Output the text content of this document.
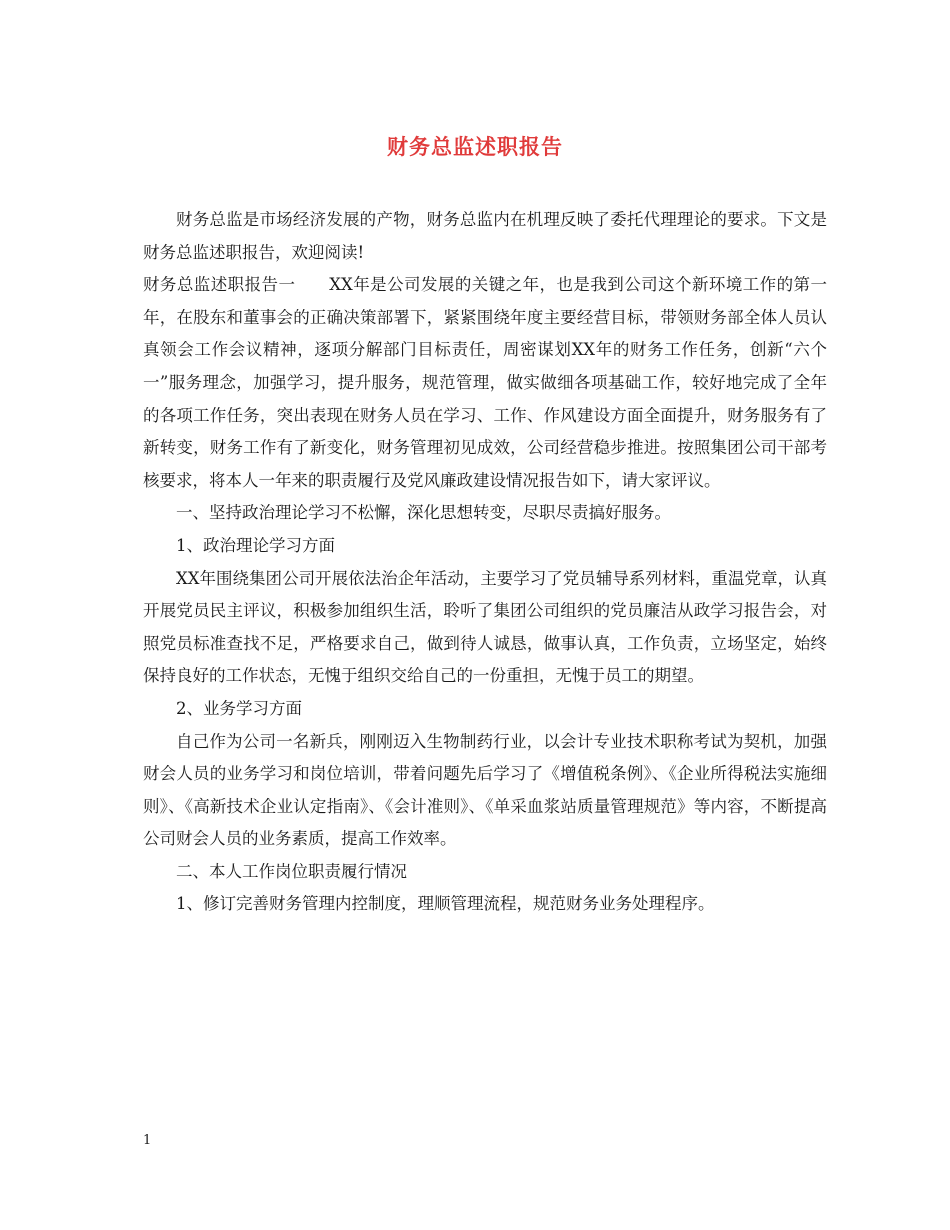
财务总监述职报告

财务总监是市场经济发展的产物，财务总监内在机理反映了委托代理理论的要求。下文是财务总监述职报告，欢迎阅读!

财务总监述职报告一　　XX年是公司发展的关键之年，也是我到公司这个新环境工作的第一年，在股东和董事会的正确决策部署下，紧紧围绕年度主要经营目标，带领财务部全体人员认真领会工作会议精神，逐项分解部门目标责任，周密谋划XX年的财务工作任务，创新“六个一”服务理念，加强学习，提升服务，规范管理，做实做细各项基础工作，较好地完成了全年的各项工作任务，突出表现在财务人员在学习、工作、作风建设方面全面提升，财务服务有了新转变，财务工作有了新变化，财务管理初见成效，公司经营稳步推进。按照集团公司干部考核要求，将本人一年来的职责履行及党风廉政建设情况报告如下，请大家评议。

一、坚持政治理论学习不松懈，深化思想转变，尽职尽责搞好服务。

1、政治理论学习方面

XX年围绕集团公司开展依法治企年活动，主要学习了党员辅导系列材料，重温党章，认真开展党员民主评议，积极参加组织生活，聆听了集团公司组织的党员廉洁从政学习报告会，对照党员标准查找不足，严格要求自己，做到待人诚恳，做事认真，工作负责，立场坚定，始终保持良好的工作状态，无愧于组织交给自己的一份重担，无愧于员工的期望。

2、业务学习方面

自己作为公司一名新兵，刚刚迈入生物制药行业，以会计专业技术职称考试为契机，加强财会人员的业务学习和岗位培训，带着问题先后学习了《增值税条例》、《企业所得税法实施细则》、《高新技术企业认定指南》、《会计准则》、《单采血浆站质量管理规范》等内容，不断提高公司财会人员的业务素质，提高工作效率。

二、本人工作岗位职责履行情况

1、修订完善财务管理内控制度，理顺管理流程，规范财务业务处理程序。

1
